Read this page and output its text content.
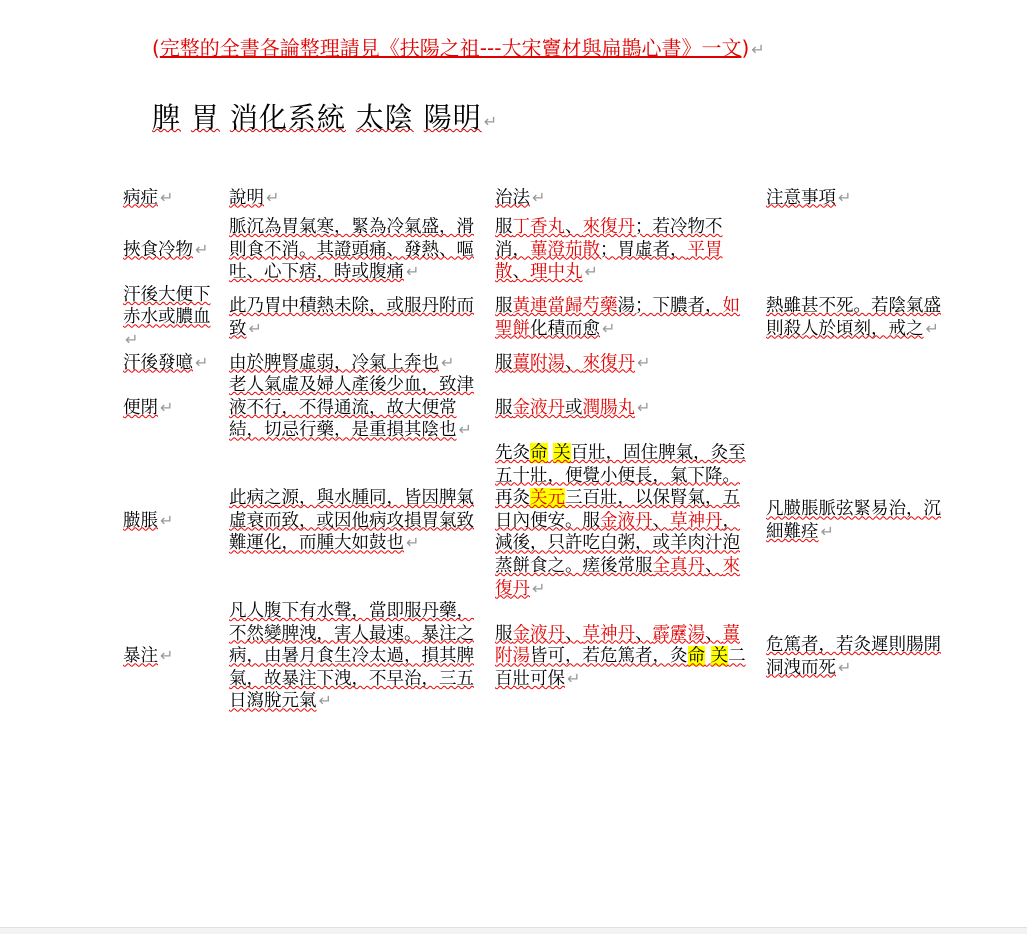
(完整的全書各論整理請見《扶陽之祖---大宋竇材與扁鵲心書》一文) ↵
脾 胃 消化系統 太陰 陽明 ↵
病症 ↵	說明 ↵	治法 ↵	注意事項 ↵
挾食冷物 ↵	脈沉為胃氣寒，緊為冷氣盛，滑則食不消。其證頭痛、發熱、嘔吐、心下痞，時或腹痛 ↵	服丁香丸、來復丹；若冷物不消，蓽澄茄散；胃虛者，平胃散、理中丸 ↵	
汗後大便下赤水或膿血↵	此乃胃中積熱未除，或服丹附而致 ↵	服黃連當歸芍藥湯；下膿者，如聖餅化積而愈 ↵	熱雖甚不死。若陰氣盛則殺人於頃刻，戒之 ↵
汗後發噫 ↵	由於脾腎虛弱，冷氣上奔也 ↵	服薑附湯、來復丹 ↵	
便閉 ↵	老人氣虛及婦人產後少血，致津液不行，不得通流，故大便常結，切忌行藥，是重損其陰也 ↵	服金液丹或潤腸丸 ↵	
臌脹 ↵	此病之源，與水腫同，皆因脾氣虛衰而致，或因他病攻損胃氣致難運化，而腫大如鼓也 ↵	先灸命 关百壯，固住脾氣，灸至五十壯，便覺小便長，氣下降。再灸关元三百壯，以保腎氣，五日內便安。服金液丹、草神丹，減後，只許吃白粥，或羊肉汁泡蒸餅食之。瘥後常服全真丹、來復丹 ↵	凡臌脹脈弦緊易治，沉細難痊 ↵
暴注 ↵	凡人腹下有水聲，當即服丹藥，不然變脾洩，害人最速。暴注之病，由暑月食生冷太過，損其脾氣，故暴注下洩，不早治，三五日瀉脫元氣 ↵	服金液丹、草神丹、霹靂湯、薑附湯皆可，若危篤者，灸命 关二百壯可保 ↵	危篤者，若灸遲則腸開洞洩而死 ↵
